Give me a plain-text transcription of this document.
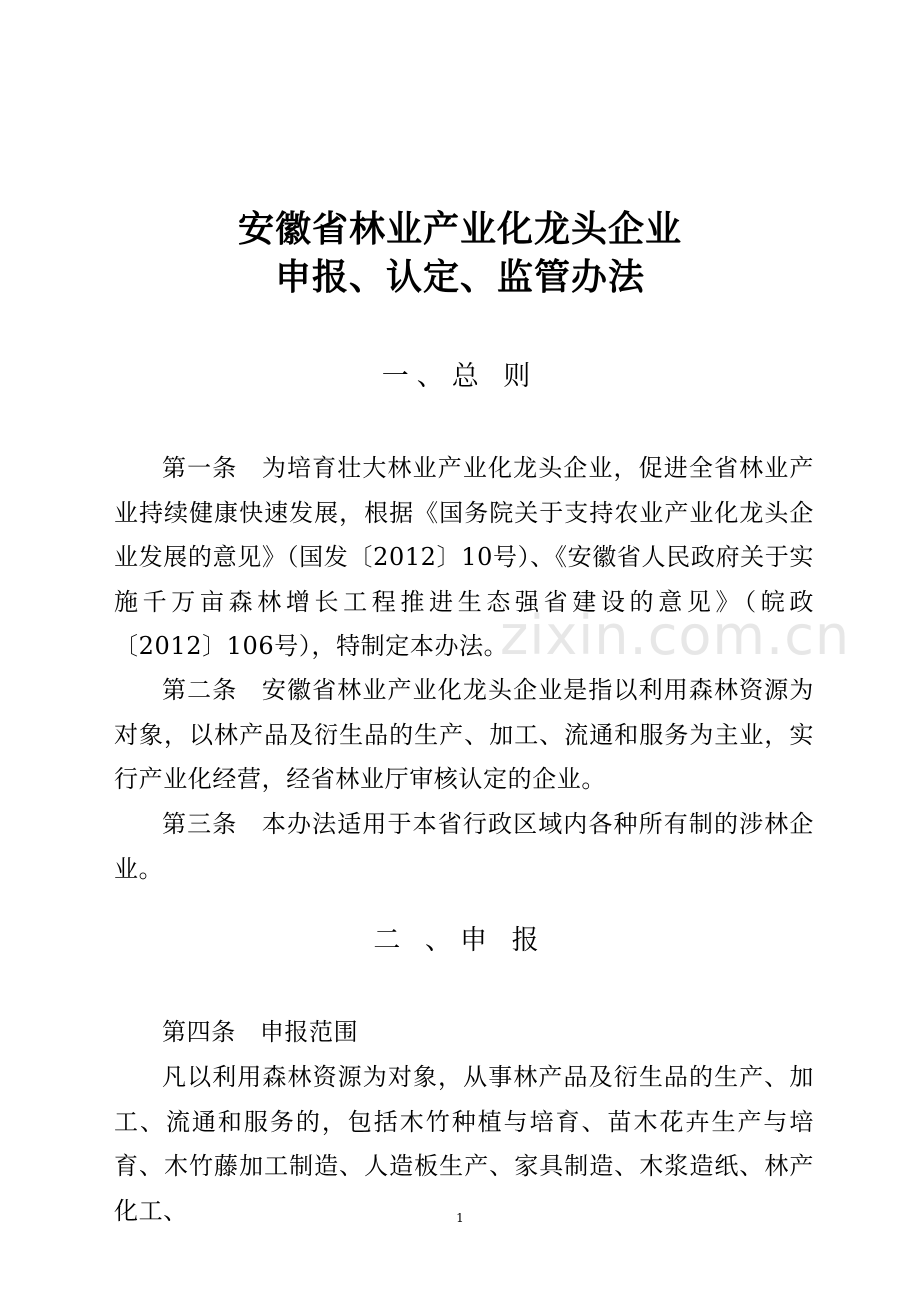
安徽省林业产业化龙头企业
申报、认定、监管办法
一、总 则

第一条 为培育壮大林业产业化龙头企业，促进全省林业产业持续健康快速发展，根据《国务院关于支持农业产业化龙头企业发展的意见》（国发〔2012〕10号）、《安徽省人民政府关于实施千万亩森林增长工程推进生态强省建设的意见》（皖政〔2012〕106号），特制定本办法。

第二条 安徽省林业产业化龙头企业是指以利用森林资源为对象，以林产品及衍生品的生产、加工、流通和服务为主业，实行产业化经营，经省林业厅审核认定的企业。

第三条 本办法适用于本省行政区域内各种所有制的涉林企业。

二 、申 报

第四条 申报范围

凡以利用森林资源为对象，从事林产品及衍生品的生产、加工、流通和服务的，包括木竹种植与培育、苗木花卉生产与培育、木竹藤加工制造、人造板生产、家具制造、木浆造纸、林产化工、

zixin.com.cn
1
